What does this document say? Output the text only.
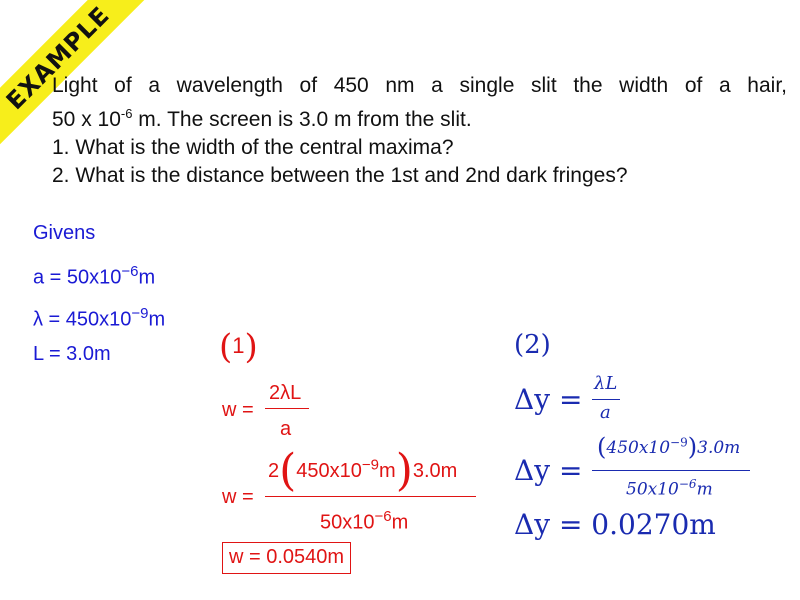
EXAMPLE
Light of a wavelength of 450 nm a single slit the width of a hair,
50 x $10^{-6}$ m. The screen is 3.0 m from the slit.
1. What is the width of the central maxima?
2. What is the distance between the 1st and 2nd dark fringes?
Givens
$a = 50x10^{-6}m$
$\lambda = 450x10^{-9}m$
L = 3.0m	(1)
w =
2λL
a
w =
$2(450x10^{-9}m)3.0m$
$50x10^{-6}m$
w = 0.0540m
(2)
Δy = λL
a
Δy =
$(450x10^{-9})3.0m$
$50x10^{-6}m$
Δy = 0.0270m
